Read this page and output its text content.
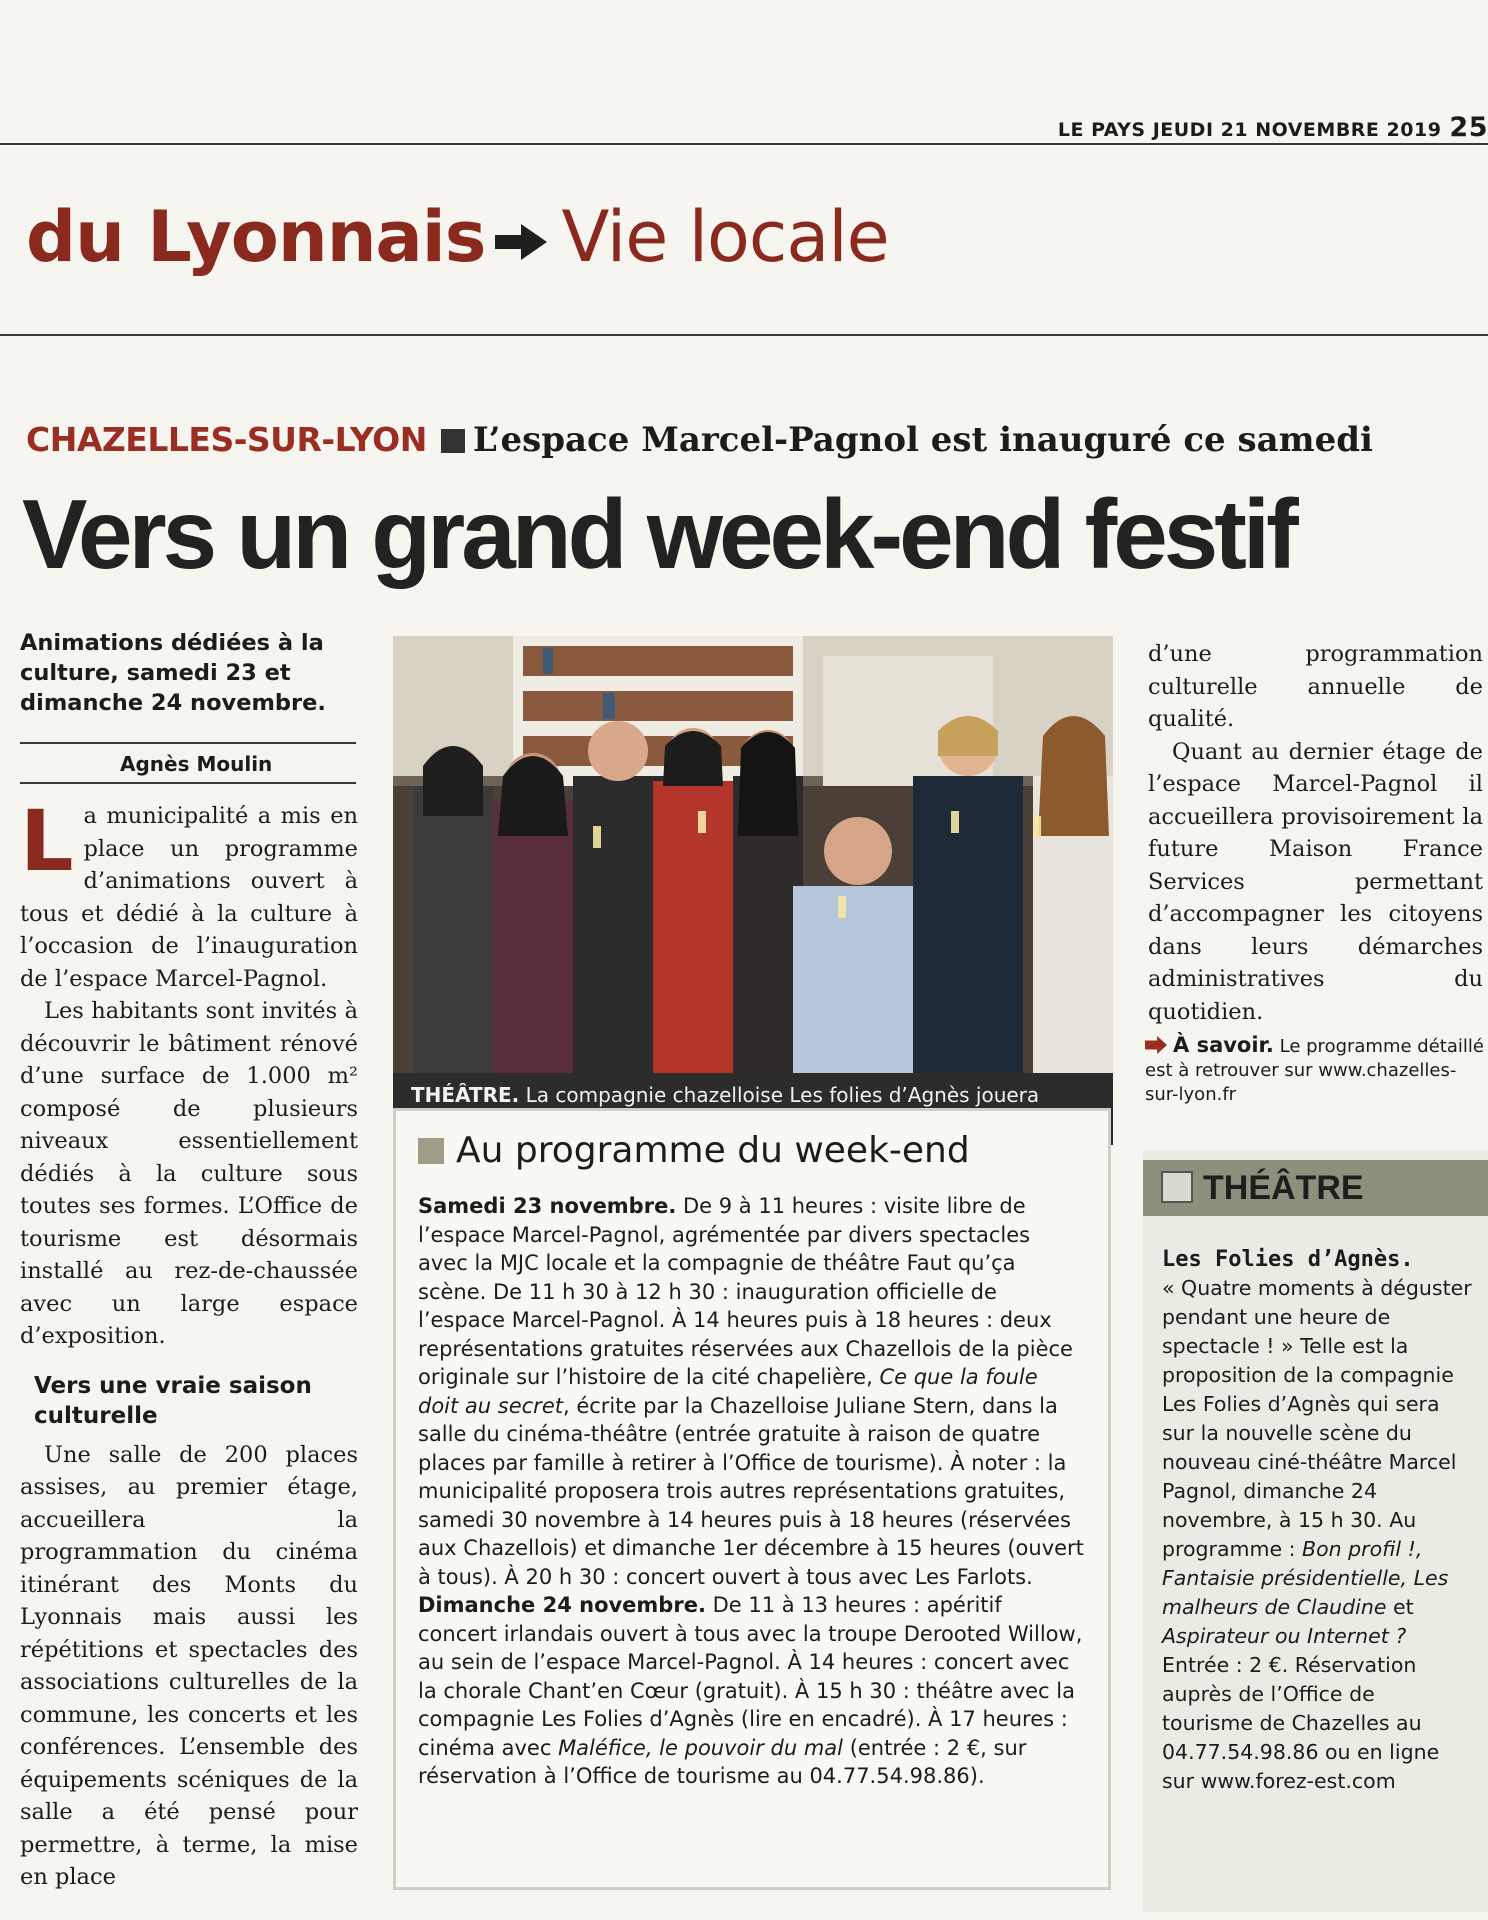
LE PAYS JEUDI 21 NOVEMBRE 2019 25
du Lyonnais Vie locale
CHAZELLES-SUR-LYON L’espace Marcel-Pagnol est inauguré ce samedi
Vers un grand week-end festif
Animations dédiées à la culture, samedi 23 et dimanche 24 novembre.
Agnès Moulin

La municipalité a mis en place un programme d’animations ouvert à tous et dédié à la culture à l’occasion de l’inauguration de l’espace Marcel-Pagnol.

Les habitants sont invités à découvrir le bâtiment rénové d’une surface de 1.000 m² composé de plusieurs niveaux essentiellement dédiés à la culture sous toutes ses formes. L’Office de tourisme est désormais installé au rez-de-chaussée avec un large espace d’exposition.

Vers une vraie saison culturelle

Une salle de 200 places assises, au premier étage, accueillera la programmation du cinéma itinérant des Monts du Lyonnais mais aussi les répétitions et spectacles des associations culturelles de la commune, les concerts et les conférences. L’ensemble des équipements scéniques de la salle a été pensé pour permettre, à terme, la mise en place

THÉÂTRE. La compagnie chazelloise Les folies d’Agnès jouera
Au programme du week-end

Samedi 23 novembre. De 9 à 11 heures : visite libre de l’espace Marcel-Pagnol, agrémentée par divers spectacles avec la MJC locale et la compagnie de théâtre Faut qu’ça scène. De 11 h 30 à 12 h 30 : inauguration officielle de l’espace Marcel-Pagnol. À 14 heures puis à 18 heures : deux représentations gratuites réservées aux Chazellois de la pièce originale sur l’histoire de la cité chapelière, Ce que la foule doit au secret, écrite par la Chazelloise Juliane Stern, dans la salle du cinéma-théâtre (entrée gratuite à raison de quatre places par famille à retirer à l’Office de tourisme). À noter : la municipalité proposera trois autres représentations gratuites, samedi 30 novembre à 14 heures puis à 18 heures (réservées aux Chazellois) et dimanche 1er décembre à 15 heures (ouvert à tous). À 20 h 30 : concert ouvert à tous avec Les Farlots.

Dimanche 24 novembre. De 11 à 13 heures : apéritif concert irlandais ouvert à tous avec la troupe Derooted Willow, au sein de l’espace Marcel-Pagnol. À 14 heures : concert avec la chorale Chant’en Cœur (gratuit). À 15 h 30 : théâtre avec la compagnie Les Folies d’Agnès (lire en encadré). À 17 heures : cinéma avec Maléfice, le pouvoir du mal (entrée : 2 €, sur réservation à l’Office de tourisme au 04.77.54.98.86).

d’une programmation culturelle annuelle de qualité.

Quant au dernier étage de l’espace Marcel-Pagnol il accueillera provisoirement la future Maison France Services permettant d’accompagner les citoyens dans leurs démarches administratives du quotidien.

À savoir. Le programme détaillé est à retrouver sur www.chazelles-sur-lyon.fr
THÉÂTRE

Les Folies d’Agnès.

« Quatre moments à déguster pendant une heure de spectacle ! » Telle est la proposition de la compagnie Les Folies d’Agnès qui sera sur la nouvelle scène du nouveau ciné-théâtre Marcel Pagnol, dimanche 24 novembre, à 15 h 30. Au programme : Bon profil !, Fantaisie présidentielle, Les malheurs de Claudine et Aspirateur ou Internet ? Entrée : 2 €. Réservation auprès de l’Office de tourisme de Chazelles au 04.77.54.98.86 ou en ligne sur www.forez-est.com
